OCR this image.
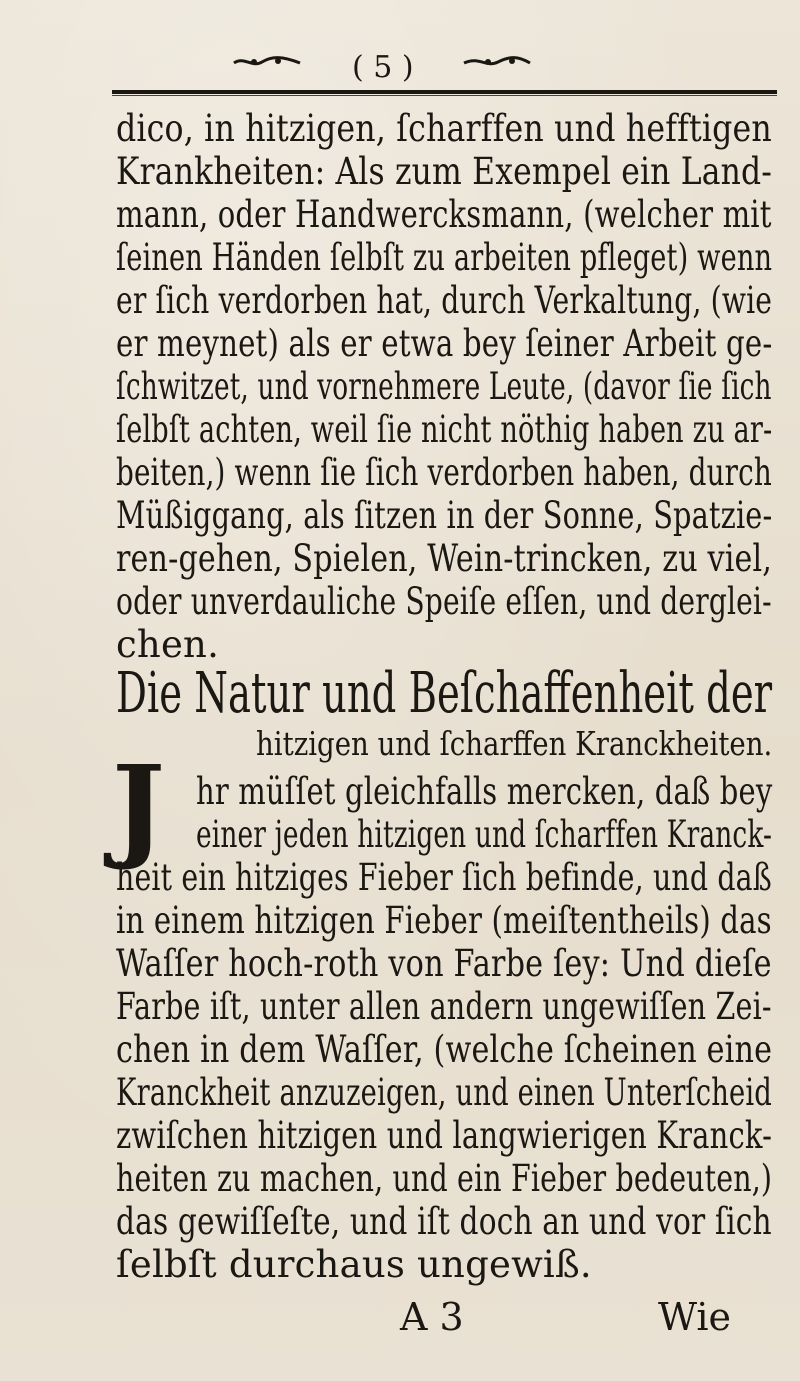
( 5 )
dico, in hitzigen, ſcharffen und hefftigen
Krankheiten: Als zum Exempel ein Land-
mann, oder Handwercksmann, (welcher mit
ſeinen Händen ſelbſt zu arbeiten pfleget) wenn
er ſich verdorben hat, durch Verkaltung, (wie
er meynet) als er etwa bey ſeiner Arbeit ge-
ſchwitzet, und vornehmere Leute, (davor ſie ſich
ſelbſt achten, weil ſie nicht nöthig haben zu ar-
beiten,) wenn ſie ſich verdorben haben, durch
Müßiggang, als ſitzen in der Sonne, Spatzie-
ren-gehen, Spielen, Wein-trincken, zu viel,
oder unverdauliche Speiſe eſſen, und derglei-
chen.
Die Natur und Beſchaffenheit der
hitzigen und ſcharffen Kranckheiten.
J hr müſſet gleichfalls mercken, daß bey
einer jeden hitzigen und ſcharffen Kranck-
heit ein hitziges Fieber ſich befinde, und daß
in einem hitzigen Fieber (meiſtentheils) das
Waſſer hoch-roth von Farbe ſey: Und dieſe
Farbe iſt, unter allen andern ungewiſſen Zei-
chen in dem Waſſer, (welche ſcheinen eine
Kranckheit anzuzeigen, und einen Unterſcheid
zwiſchen hitzigen und langwierigen Kranck-
heiten zu machen, und ein Fieber bedeuten,)
das gewiſſeſte, und iſt doch an und vor ſich
ſelbſt durchaus ungewiß.
A 3	Wie
